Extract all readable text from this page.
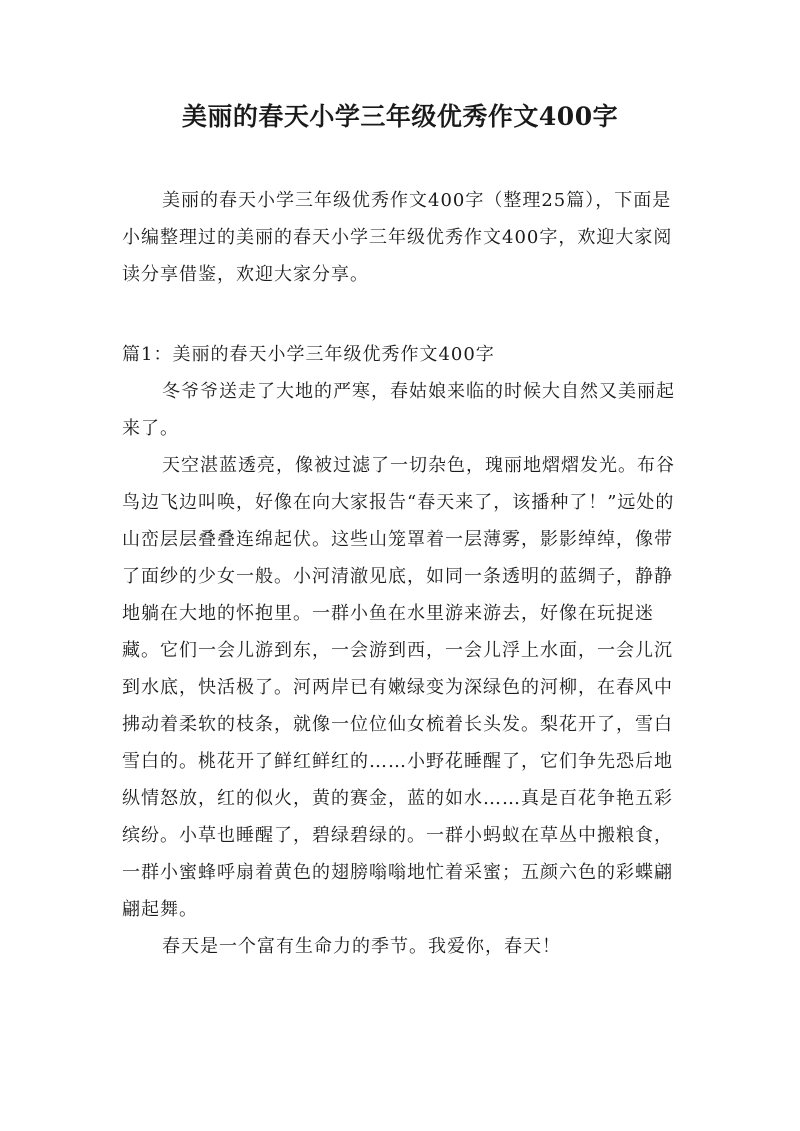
美丽的春天小学三年级优秀作文400字

美丽的春天小学三年级优秀作文400字（整理25篇），下面是小编整理过的美丽的春天小学三年级优秀作文400字，欢迎大家阅读分享借鉴，欢迎大家分享。

篇1：美丽的春天小学三年级优秀作文400字

冬爷爷送走了大地的严寒，春姑娘来临的时候大自然又美丽起来了。

天空湛蓝透亮，像被过滤了一切杂色，瑰丽地熠熠发光。布谷鸟边飞边叫唤，好像在向大家报告“春天来了，该播种了！”远处的山峦层层叠叠连绵起伏。这些山笼罩着一层薄雾，影影绰绰，像带了面纱的少女一般。小河清澈见底，如同一条透明的蓝绸子，静静地躺在大地的怀抱里。一群小鱼在水里游来游去，好像在玩捉迷藏。它们一会儿游到东，一会游到西，一会儿浮上水面，一会儿沉到水底，快活极了。河两岸已有嫩绿变为深绿色的河柳，在春风中拂动着柔软的枝条，就像一位位仙女梳着长头发。梨花开了，雪白雪白的。桃花开了鲜红鲜红的……小野花睡醒了，它们争先恐后地纵情怒放，红的似火，黄的赛金，蓝的如水……真是百花争艳五彩缤纷。小草也睡醒了，碧绿碧绿的。一群小蚂蚁在草丛中搬粮食，一群小蜜蜂呼扇着黄色的翅膀嗡嗡地忙着采蜜；五颜六色的彩蝶翩翩起舞。

春天是一个富有生命力的季节。我爱你，春天！
